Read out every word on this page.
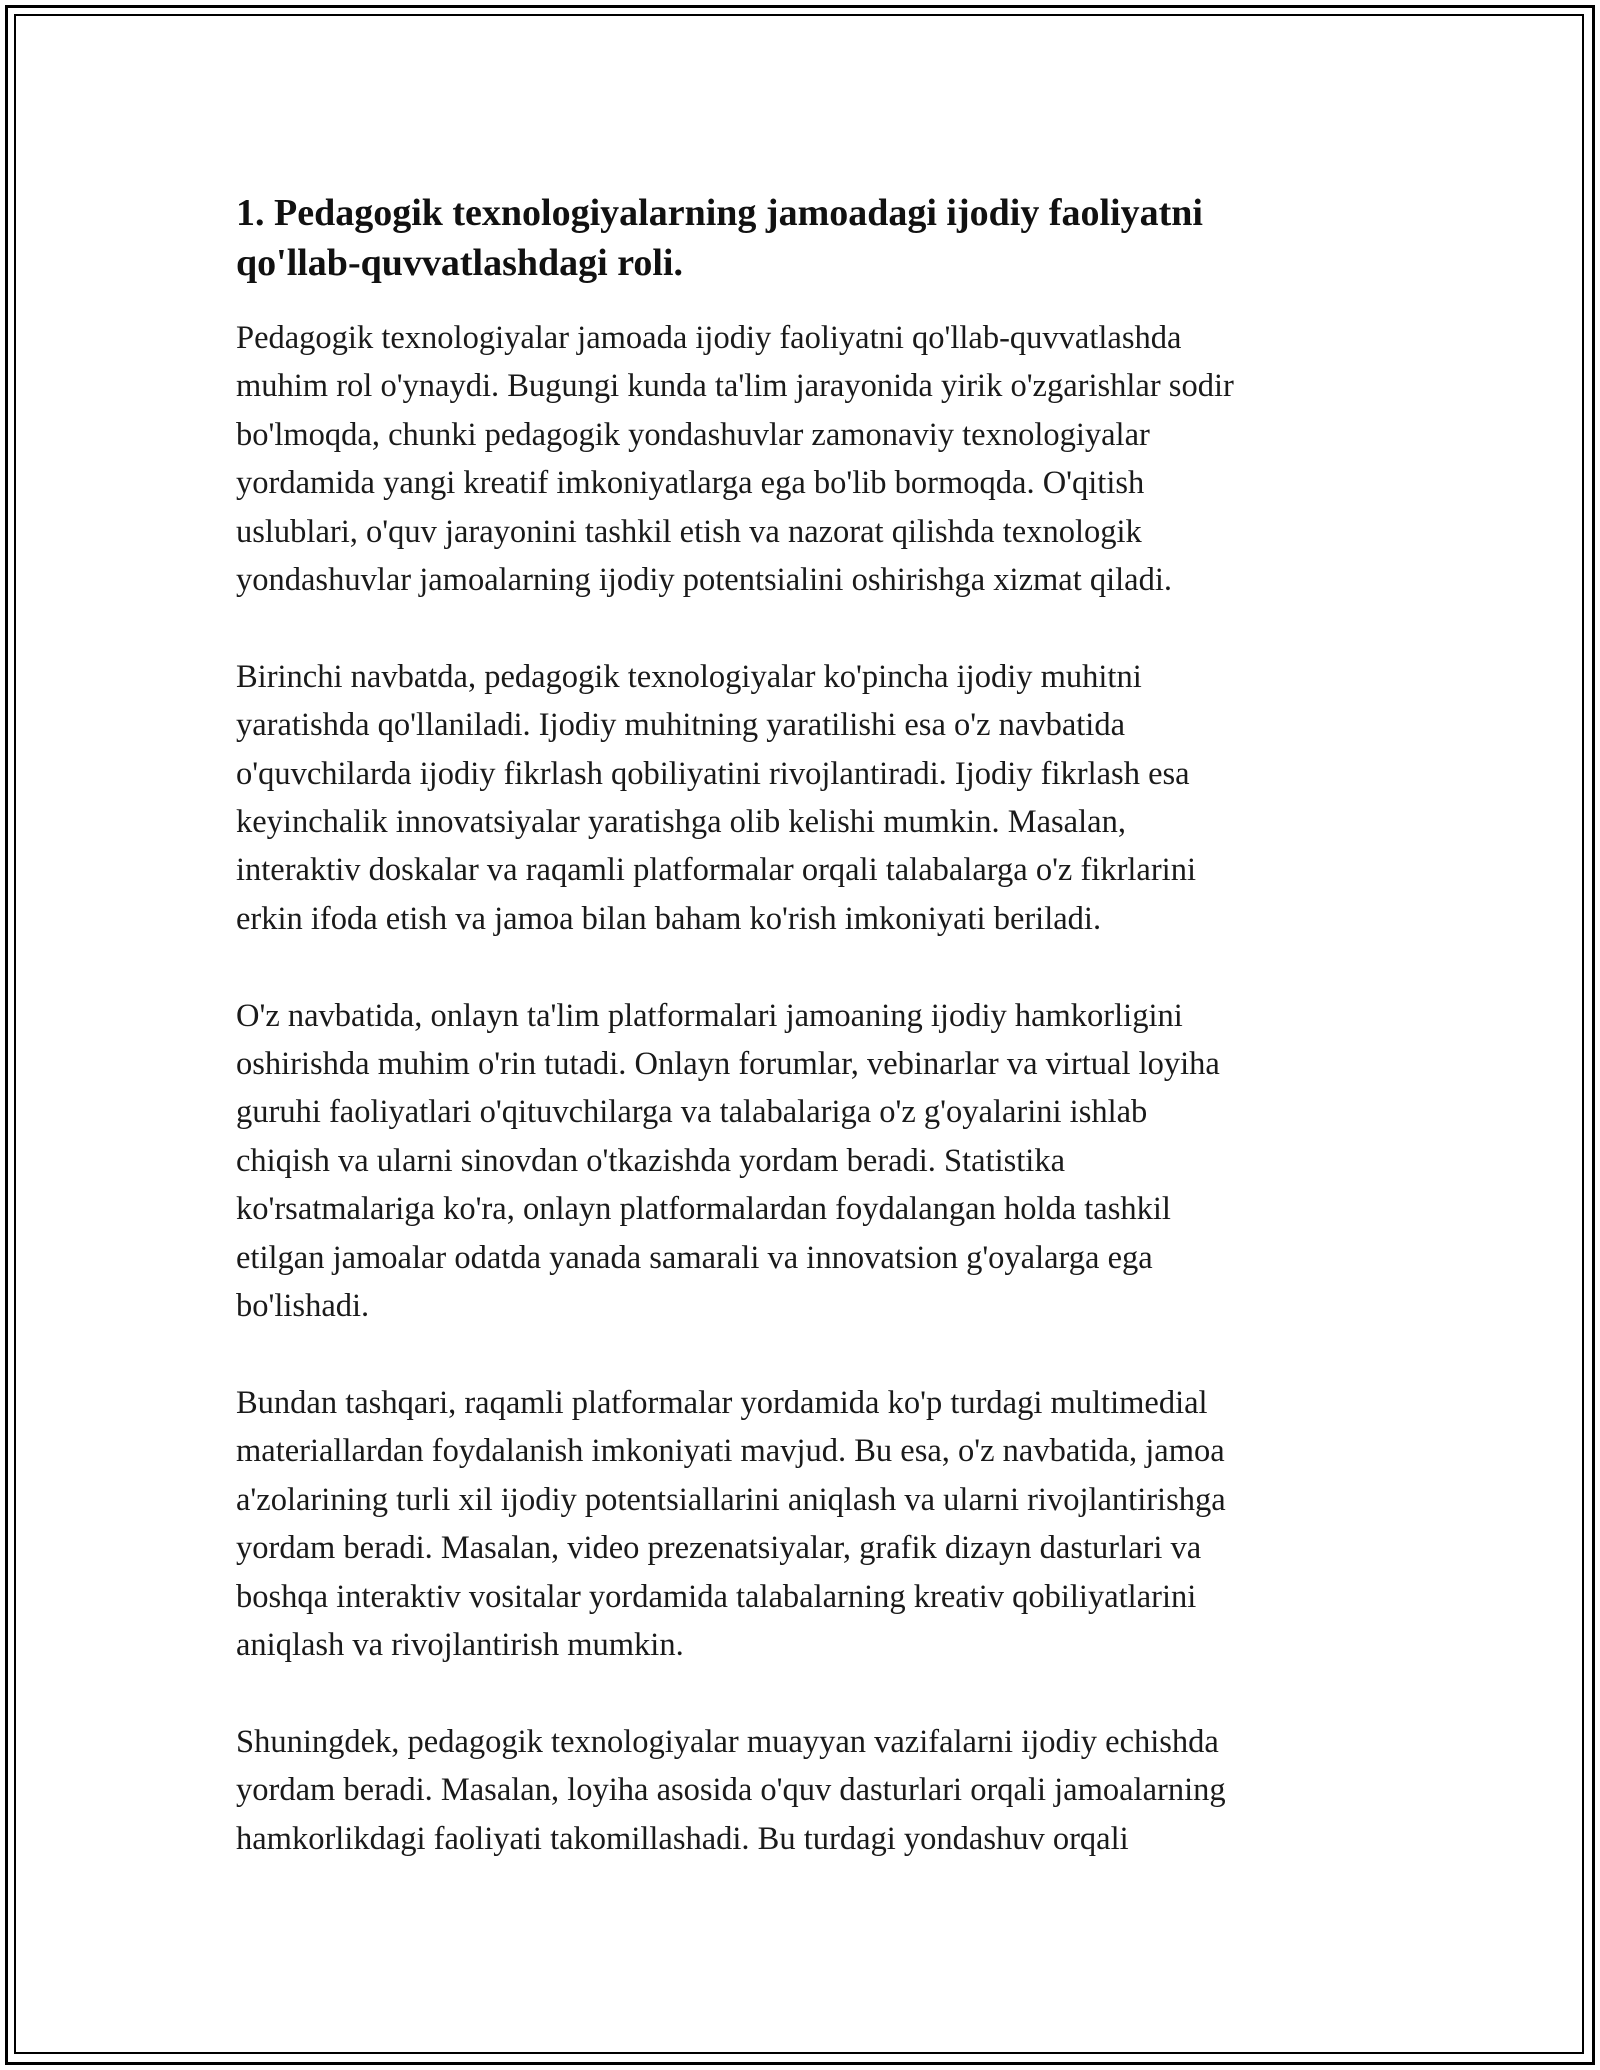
1. Pedagogik texnologiyalarning jamoadagi ijodiy faoliyatni
qo'llab-quvvatlashdagi roli.

Pedagogik texnologiyalar jamoada ijodiy faoliyatni qo'llab-quvvatlashda
muhim rol o'ynaydi. Bugungi kunda ta'lim jarayonida yirik o'zgarishlar sodir
bo'lmoqda, chunki pedagogik yondashuvlar zamonaviy texnologiyalar
yordamida yangi kreatif imkoniyatlarga ega bo'lib bormoqda. O'qitish
uslublari, o'quv jarayonini tashkil etish va nazorat qilishda texnologik
yondashuvlar jamoalarning ijodiy potentsialini oshirishga xizmat qiladi.

Birinchi navbatda, pedagogik texnologiyalar ko'pincha ijodiy muhitni
yaratishda qo'llaniladi. Ijodiy muhitning yaratilishi esa o'z navbatida
o'quvchilarda ijodiy fikrlash qobiliyatini rivojlantiradi. Ijodiy fikrlash esa
keyinchalik innovatsiyalar yaratishga olib kelishi mumkin. Masalan,
interaktiv doskalar va raqamli platformalar orqali talabalarga o'z fikrlarini
erkin ifoda etish va jamoa bilan baham ko'rish imkoniyati beriladi.

O'z navbatida, onlayn ta'lim platformalari jamoaning ijodiy hamkorligini
oshirishda muhim o'rin tutadi. Onlayn forumlar, vebinarlar va virtual loyiha
guruhi faoliyatlari o'qituvchilarga va talabalariga o'z g'oyalarini ishlab
chiqish va ularni sinovdan o'tkazishda yordam beradi. Statistika
ko'rsatmalariga ko'ra, onlayn platformalardan foydalangan holda tashkil
etilgan jamoalar odatda yanada samarali va innovatsion g'oyalarga ega
bo'lishadi.

Bundan tashqari, raqamli platformalar yordamida ko'p turdagi multimedial
materiallardan foydalanish imkoniyati mavjud. Bu esa, o'z navbatida, jamoa
a'zolarining turli xil ijodiy potentsiallarini aniqlash va ularni rivojlantirishga
yordam beradi. Masalan, video prezenatsiyalar, grafik dizayn dasturlari va
boshqa interaktiv vositalar yordamida talabalarning kreativ qobiliyatlarini
aniqlash va rivojlantirish mumkin.

Shuningdek, pedagogik texnologiyalar muayyan vazifalarni ijodiy echishda
yordam beradi. Masalan, loyiha asosida o'quv dasturlari orqali jamoalarning
hamkorlikdagi faoliyati takomillashadi. Bu turdagi yondashuv orqali
